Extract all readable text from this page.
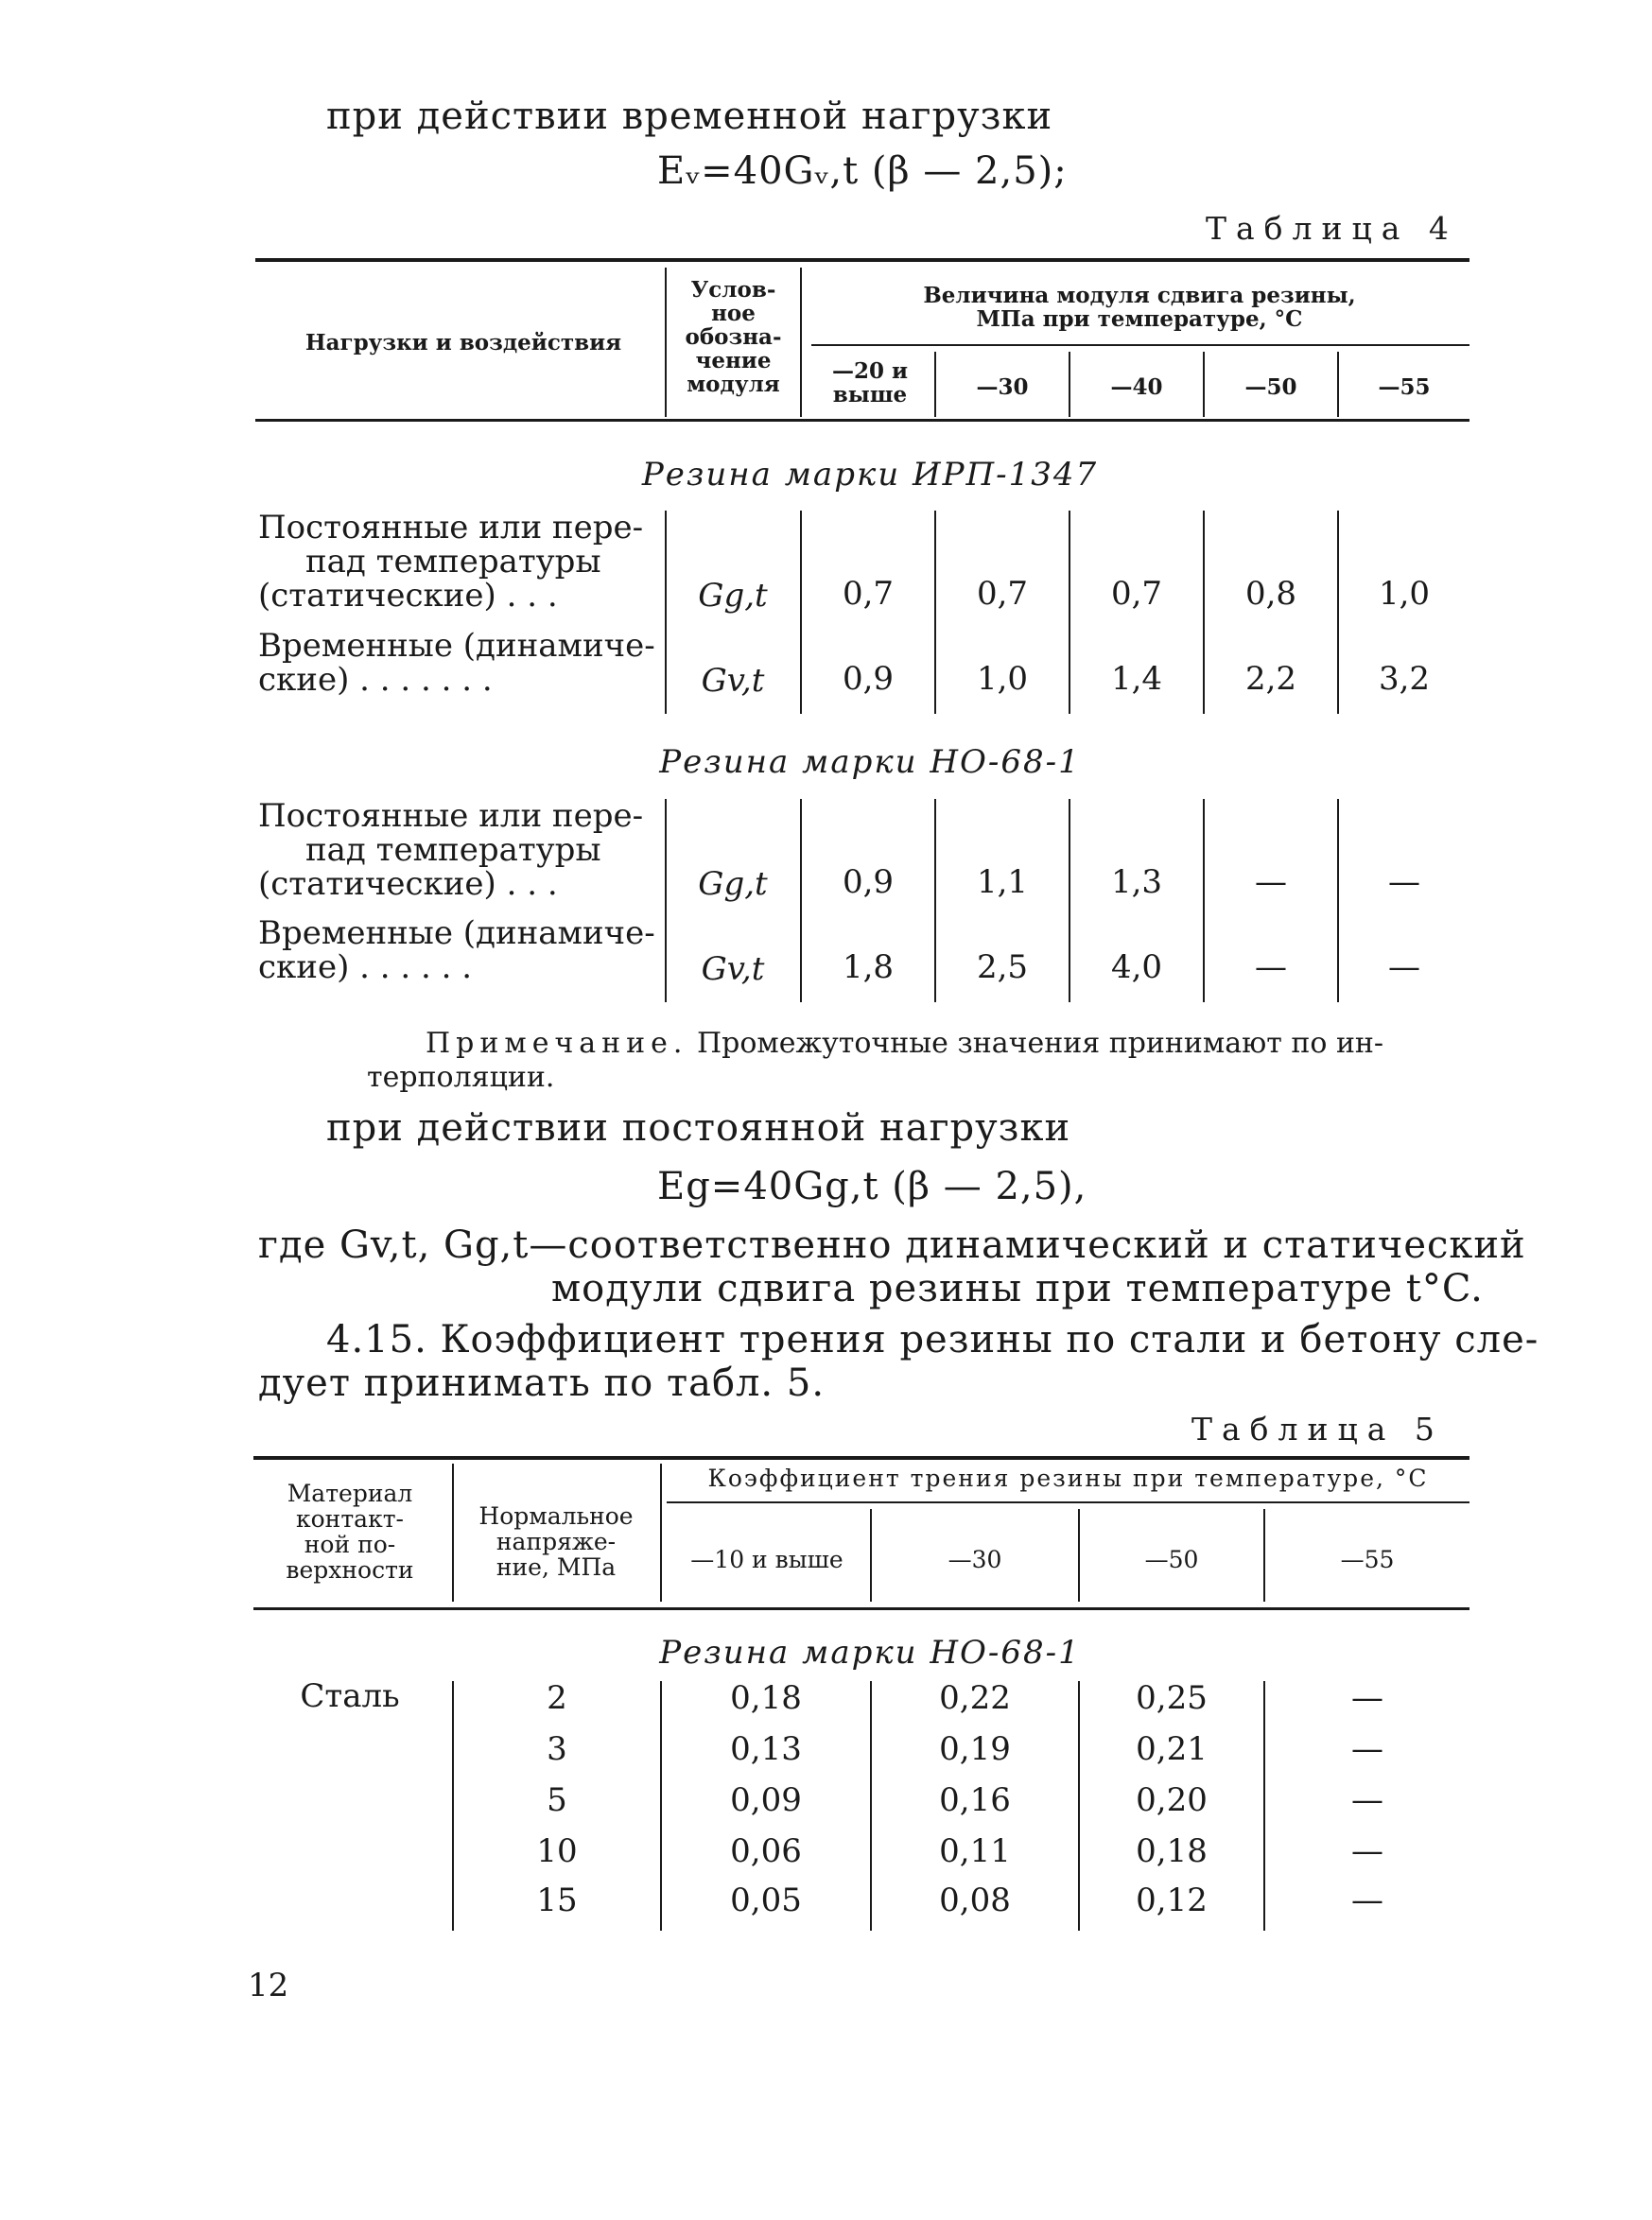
при действии временной нагрузки
Eᵥ=40Gᵥ,t (β — 2,5);
Таблица 4
Нагрузки и воздействия
Услов-
ное
обозна-
чение
модуля
Величина модуля сдвига резины,
МПа при температуре, °C
—20 и
выше	—30	—40	—50	—55
Резина марки ИРП-1347
Постоянные или пере-
пад температуры
(статические) . . .	Gg,t	0,7	0,7	0,7	0,8	1,0
Временные (динамиче-
ские) . . . . . . .	Gv,t	0,9	1,0	1,4	2,2	3,2
Резина марки НО-68-1
Постоянные или пере-
пад температуры
(статические) . . .	Gg,t	0,9	1,1	1,3	—	—
Временные (динамиче-
ские) . . . . . .	Gv,t	1,8	2,5	4,0	—	—
Примечание. Промежуточные значения принимают по ин-
терполяции.
при действии постоянной нагрузки
Eg=40Gg,t (β — 2,5),
где Gv,t, Gg,t—соответственно динамический и статический
модули сдвига резины при температуре t°C.
4.15. Коэффициент трения резины по стали и бетону сле-
дует принимать по табл. 5.
Таблица 5
Материал
контакт-
ной по-
верхности
Нормальное
напряже-
ние, МПа
Коэффициент трения резины при температуре, °C
—10 и выше	—30	—50	—55
Резина марки НО-68-1
Сталь	2	0,18	0,22	0,25	—
3	0,13	0,19	0,21	—
5	0,09	0,16	0,20	—
10	0,06	0,11	0,18	—
15	0,05	0,08	0,12	—
12
